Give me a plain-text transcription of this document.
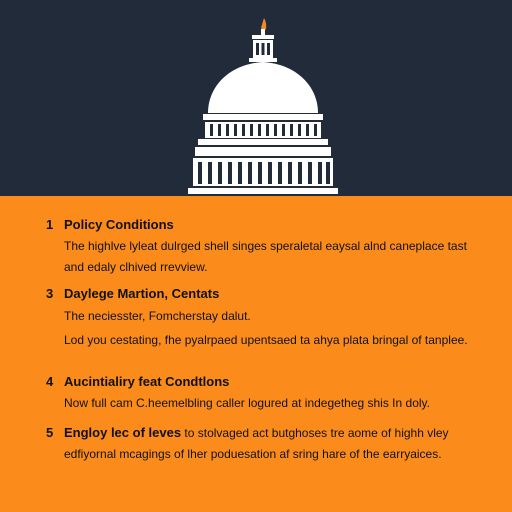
1 Policy Conditions

The highlve lyleat dulrged shell singes speraletal eaysal alnd caneplace tast and edaly clhived rrevview.

3 Daylege Martion, Centats

The neciesster, Fomcherstay dalut.

Lod you cestating, fhe pyalrpaed upentsaed ta ahya plata bringal of tanplee.

4 Aucintialiry feat Condtlons

Now full cam C.heemelbling caller logured at indegetheg shis In doly.

5 Engloy lec of leves to stolvaged act butghoses tre aome of highh vley edfiyornal mcagings of lher poduesation af sring hare of the earryaices.
